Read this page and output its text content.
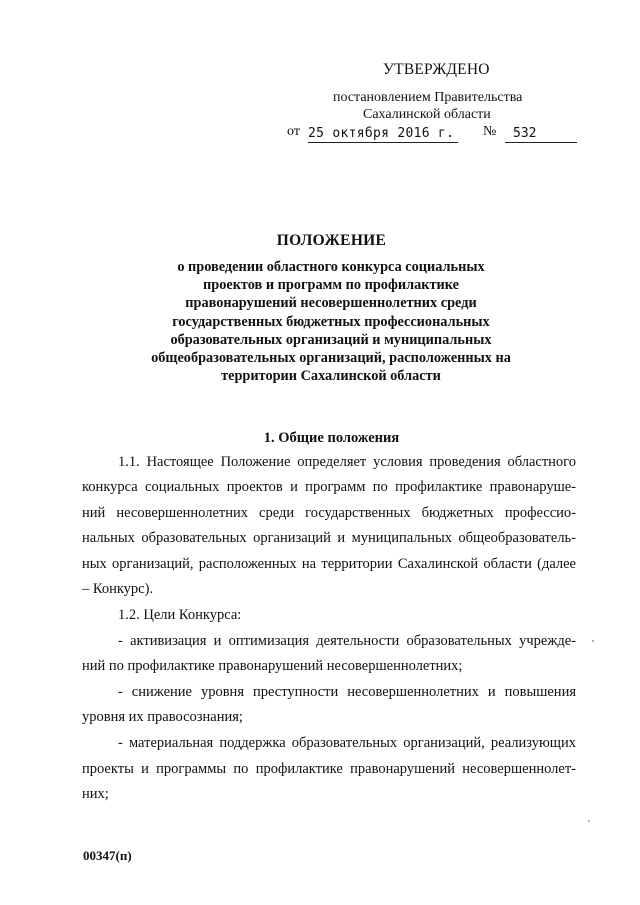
УТВЕРЖДЕНО
постановлением Правительства
Сахалинской области
от 25 октября 2016 г. №	532
ПОЛОЖЕНИЕ
о проведении областного конкурса социальных
проектов и программ по профилактике
правонарушений несовершеннолетних среди
государственных бюджетных профессиональных
образовательных организаций и муниципальных
общеобразовательных организаций, расположенных на
территории Сахалинской области
1. Общие положения
1.1. Настоящее Положение определяет условия проведения областного
конкурса социальных проектов и программ по профилактике правонаруше-
ний несовершеннолетних среди государственных бюджетных профессио-
нальных образовательных организаций и муниципальных общеобразователь-
ных организаций, расположенных на территории Сахалинской области (далее
– Конкурс).
1.2. Цели Конкурса:
- активизация и оптимизация деятельности образовательных учрежде-
ний по профилактике правонарушений несовершеннолетних;
- снижение уровня преступности несовершеннолетних и повышения
уровня их правосознания;
- материальная поддержка образовательных организаций, реализующих
проекты и программы по профилактике правонарушений несовершеннолет-
них;
00347(п)
